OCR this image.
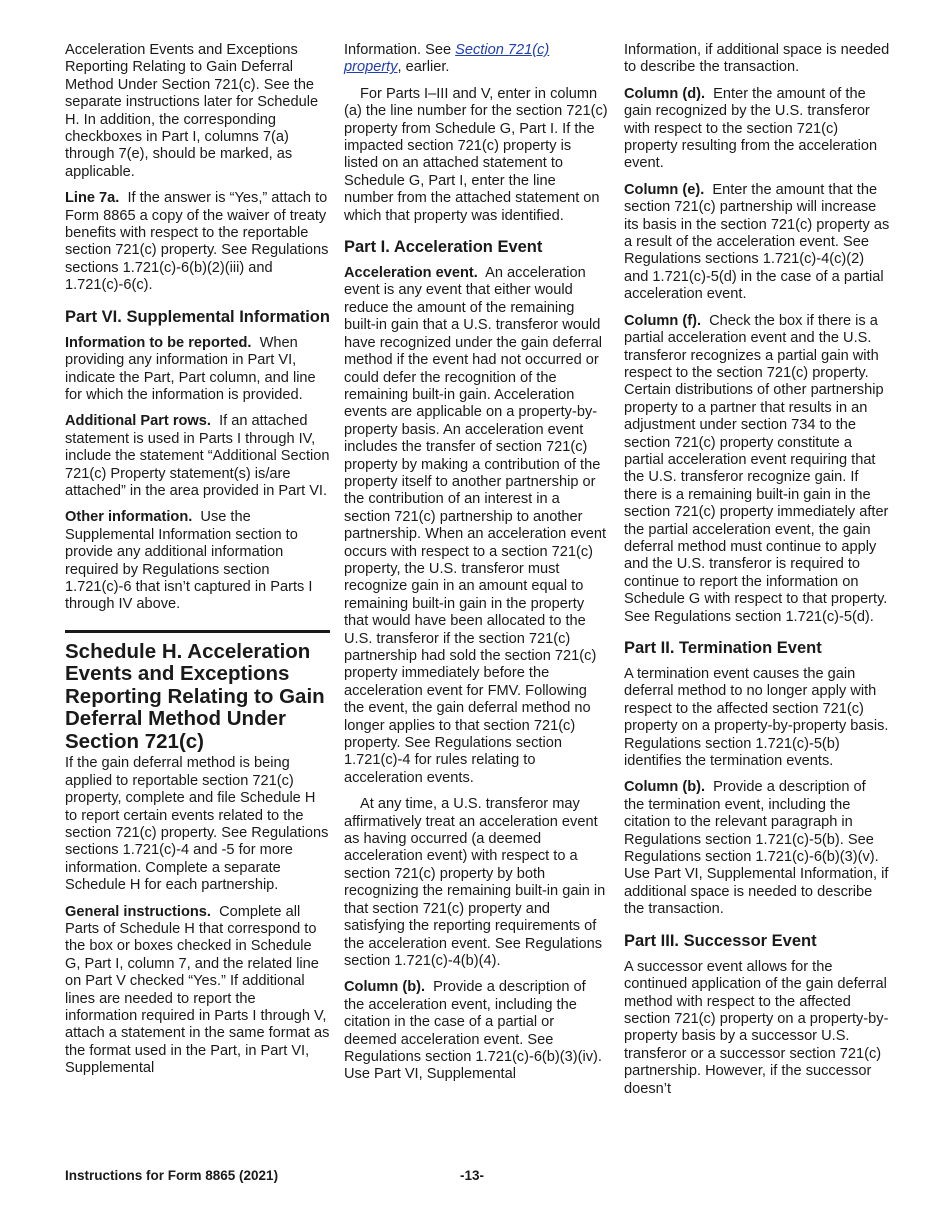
Acceleration Events and Exceptions Reporting Relating to Gain Deferral Method Under Section 721(c). See the separate instructions later for Schedule H. In addition, the corresponding checkboxes in Part I, columns 7(a) through 7(e), should be marked, as applicable.

Line 7a. If the answer is “Yes,” attach to Form 8865 a copy of the waiver of treaty benefits with respect to the reportable section 721(c) property. See Regulations sections 1.721(c)-6(b)(2)(iii) and 1.721(c)-6(c).

Part VI. Supplemental Information

Information to be reported. When providing any information in Part VI, indicate the Part, Part column, and line for which the information is provided.

Additional Part rows. If an attached statement is used in Parts I through IV, include the statement “Additional Section 721(c) Property statement(s) is/are attached” in the area provided in Part VI.

Other information. Use the Supplemental Information section to provide any additional information required by Regulations section 1.721(c)-6 that isn’t captured in Parts I through IV above.

Schedule H. Acceleration Events and Exceptions Reporting Relating to Gain Deferral Method Under Section 721(c)

If the gain deferral method is being applied to reportable section 721(c) property, complete and file Schedule H to report certain events related to the section 721(c) property. See Regulations sections 1.721(c)-4 and -5 for more information. Complete a separate Schedule H for each partnership.

General instructions. Complete all Parts of Schedule H that correspond to the box or boxes checked in Schedule G, Part I, column 7, and the related line on Part V checked “Yes.” If additional lines are needed to report the information required in Parts I through V, attach a statement in the same format as the format used in the Part, in Part VI, Supplemental

Information. See Section 721(c) property, earlier.

For Parts I–III and V, enter in column (a) the line number for the section 721(c) property from Schedule G, Part I. If the impacted section 721(c) property is listed on an attached statement to Schedule G, Part I, enter the line number from the attached statement on which that property was identified.

Part I. Acceleration Event

Acceleration event. An acceleration event is any event that either would reduce the amount of the remaining built-in gain that a U.S. transferor would have recognized under the gain deferral method if the event had not occurred or could defer the recognition of the remaining built-in gain. Acceleration events are applicable on a property-by-property basis. An acceleration event includes the transfer of section 721(c) property by making a contribution of the property itself to another partnership or the contribution of an interest in a section 721(c) partnership to another partnership. When an acceleration event occurs with respect to a section 721(c) property, the U.S. transferor must recognize gain in an amount equal to remaining built-in gain in the property that would have been allocated to the U.S. transferor if the section 721(c) partnership had sold the section 721(c) property immediately before the acceleration event for FMV. Following the event, the gain deferral method no longer applies to that section 721(c) property. See Regulations section 1.721(c)-4 for rules relating to acceleration events.

At any time, a U.S. transferor may affirmatively treat an acceleration event as having occurred (a deemed acceleration event) with respect to a section 721(c) property by both recognizing the remaining built-in gain in that section 721(c) property and satisfying the reporting requirements of the acceleration event. See Regulations section 1.721(c)-4(b)(4).

Column (b). Provide a description of the acceleration event, including the citation in the case of a partial or deemed acceleration event. See Regulations section 1.721(c)-6(b)(3)(iv). Use Part VI, Supplemental

Information, if additional space is needed to describe the transaction.

Column (d). Enter the amount of the gain recognized by the U.S. transferor with respect to the section 721(c) property resulting from the acceleration event.

Column (e). Enter the amount that the section 721(c) partnership will increase its basis in the section 721(c) property as a result of the acceleration event. See Regulations sections 1.721(c)-4(c)(2) and 1.721(c)-5(d) in the case of a partial acceleration event.

Column (f). Check the box if there is a partial acceleration event and the U.S. transferor recognizes a partial gain with respect to the section 721(c) property. Certain distributions of other partnership property to a partner that results in an adjustment under section 734 to the section 721(c) property constitute a partial acceleration event requiring that the U.S. transferor recognize gain. If there is a remaining built-in gain in the section 721(c) property immediately after the partial acceleration event, the gain deferral method must continue to apply and the U.S. transferor is required to continue to report the information on Schedule G with respect to that property. See Regulations section 1.721(c)-5(d).

Part II. Termination Event

A termination event causes the gain deferral method to no longer apply with respect to the affected section 721(c) property on a property-by-property basis. Regulations section 1.721(c)-5(b) identifies the termination events.

Column (b). Provide a description of the termination event, including the citation to the relevant paragraph in Regulations section 1.721(c)-5(b). See Regulations section 1.721(c)-6(b)(3)(v). Use Part VI, Supplemental Information, if additional space is needed to describe the transaction.

Part III. Successor Event

A successor event allows for the continued application of the gain deferral method with respect to the affected section 721(c) property on a property-by-property basis by a successor U.S. transferor or a successor section 721(c) partnership. However, if the successor doesn’t

Instructions for Form 8865 (2021)	-13-
